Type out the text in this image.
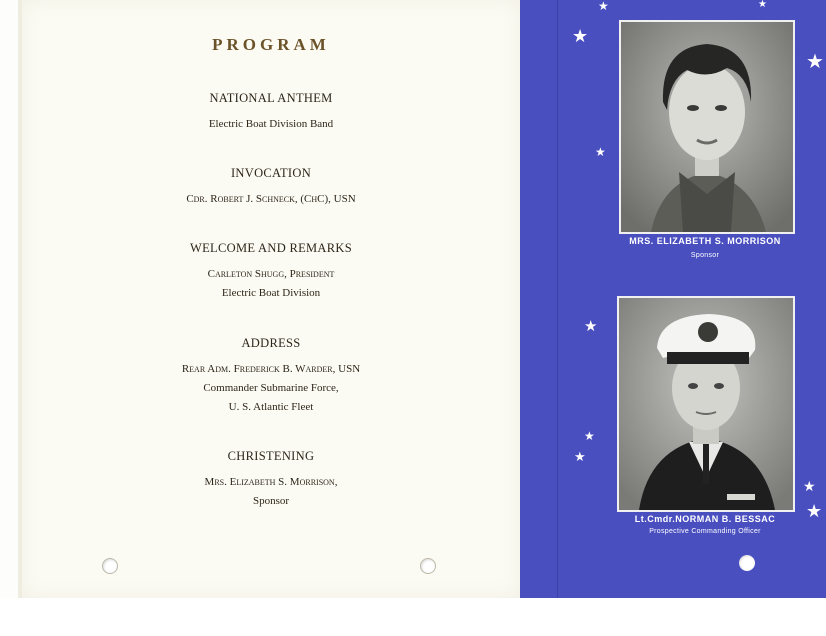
PROGRAM
NATIONAL ANTHEM
Electric Boat Division Band
INVOCATION
Cdr. Robert J. Schneck, (ChC), USN
WELCOME AND REMARKS
Carleton Shugg, President
Electric Boat Division
ADDRESS
Rear Adm. Frederick B. Warder, USN
Commander Submarine Force,
U. S. Atlantic Fleet
CHRISTENING
Mrs. Elizabeth S. Morrison,
Sponsor
★	★
★
★
★
★
★
★
★
★
MRS. ELIZABETH S. MORRISON
Sponsor
Lt.Cmdr.NORMAN B. BESSAC
Prospective Commanding Officer
